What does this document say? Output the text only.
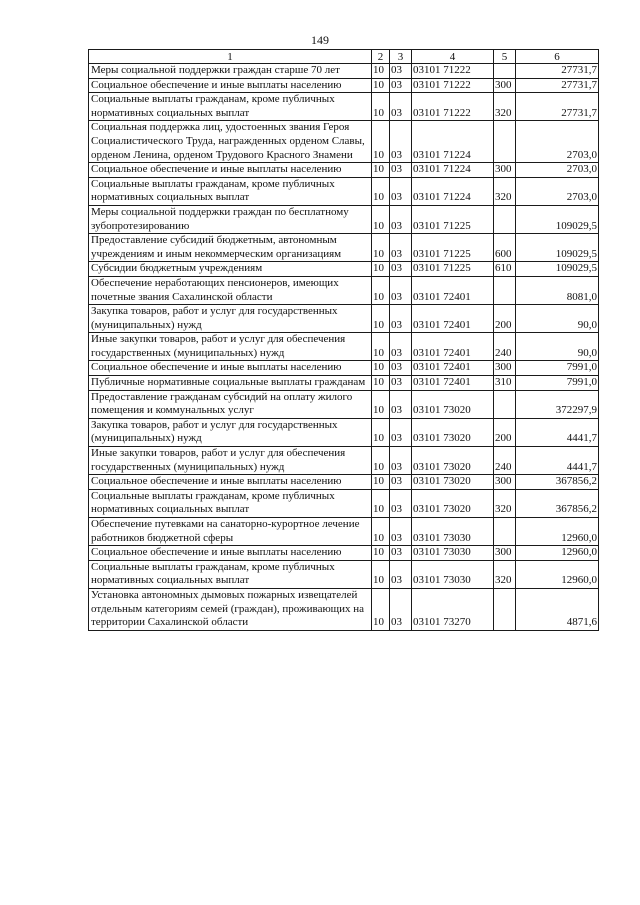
149
1	2	3	4	5	6
Меры социальной поддержки граждан старше 70 лет	10	03	03101 71222		27731,7
Социальное обеспечение и иные выплаты населению	10	03	03101 71222	300	27731,7
Социальные выплаты гражданам, кроме публичных нормативных социальных выплат	10	03	03101 71222	320	27731,7
Социальная поддержка лиц, удостоенных звания Героя Социалистического Труда, награжденных орденом Славы, орденом Ленина, орденом Трудового Красного Знамени	10	03	03101 71224		2703,0
Социальное обеспечение и иные выплаты населению	10	03	03101 71224	300	2703,0
Социальные выплаты гражданам, кроме публичных нормативных социальных выплат	10	03	03101 71224	320	2703,0
Меры социальной поддержки граждан по бесплатному зубопротезированию	10	03	03101 71225		109029,5
Предоставление субсидий бюджетным, автономным учреждениям и иным некоммерческим организациям	10	03	03101 71225	600	109029,5
Субсидии бюджетным учреждениям	10	03	03101 71225	610	109029,5
Обеспечение неработающих пенсионеров, имеющих почетные звания Сахалинской области	10	03	03101 72401		8081,0
Закупка товаров, работ и услуг для государственных (муниципальных) нужд	10	03	03101 72401	200	90,0
Иные закупки товаров, работ и услуг для обеспечения государственных (муниципальных) нужд	10	03	03101 72401	240	90,0
Социальное обеспечение и иные выплаты населению	10	03	03101 72401	300	7991,0
Публичные нормативные социальные выплаты гражданам	10	03	03101 72401	310	7991,0
Предоставление гражданам субсидий на оплату жилого помещения и коммунальных услуг	10	03	03101 73020		372297,9
Закупка товаров, работ и услуг для государственных (муниципальных) нужд	10	03	03101 73020	200	4441,7
Иные закупки товаров, работ и услуг для обеспечения государственных (муниципальных) нужд	10	03	03101 73020	240	4441,7
Социальное обеспечение и иные выплаты населению	10	03	03101 73020	300	367856,2
Социальные выплаты гражданам, кроме публичных нормативных социальных выплат	10	03	03101 73020	320	367856,2
Обеспечение путевками на санаторно-курортное лечение работников бюджетной сферы	10	03	03101 73030		12960,0
Социальное обеспечение и иные выплаты населению	10	03	03101 73030	300	12960,0
Социальные выплаты гражданам, кроме публичных нормативных социальных выплат	10	03	03101 73030	320	12960,0
Установка автономных дымовых пожарных извещателей отдельным категориям семей (граждан), проживающих на территории Сахалинской области	10	03	03101 73270		4871,6
